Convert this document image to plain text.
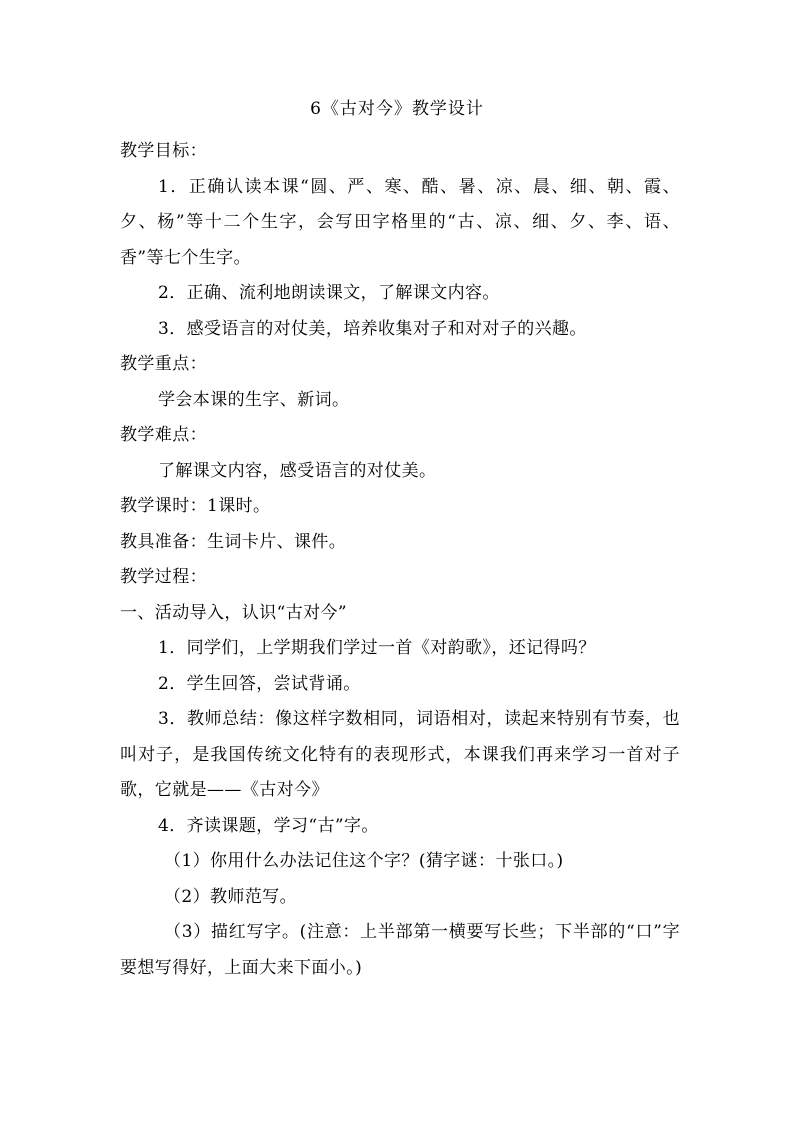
6《古对今》教学设计

教学目标：

1．正确认读本课“圆、严、寒、酷、暑、凉、晨、细、朝、霞、夕、杨”等十二个生字，会写田字格里的“古、凉、细、夕、李、语、香”等七个生字。

2．正确、流利地朗读课文，了解课文内容。

3．感受语言的对仗美，培养收集对子和对对子的兴趣。

教学重点：

学会本课的生字、新词。

教学难点：

了解课文内容，感受语言的对仗美。

教学课时：1课时。

教具准备：生词卡片、课件。

教学过程：

一、活动导入，认识“古对今”

1．同学们，上学期我们学过一首《对韵歌》，还记得吗？

2．学生回答，尝试背诵。

3．教师总结：像这样字数相同，词语相对，读起来特别有节奏，也叫对子，是我国传统文化特有的表现形式，本课我们再来学习一首对子歌，它就是——《古对今》

4．齐读课题，学习“古”字。

（1）你用什么办法记住这个字？(猜字谜：十张口。)

（2）教师范写。

（3）描红写字。(注意：上半部第一横要写长些；下半部的“口”字要想写得好，上面大来下面小。)
